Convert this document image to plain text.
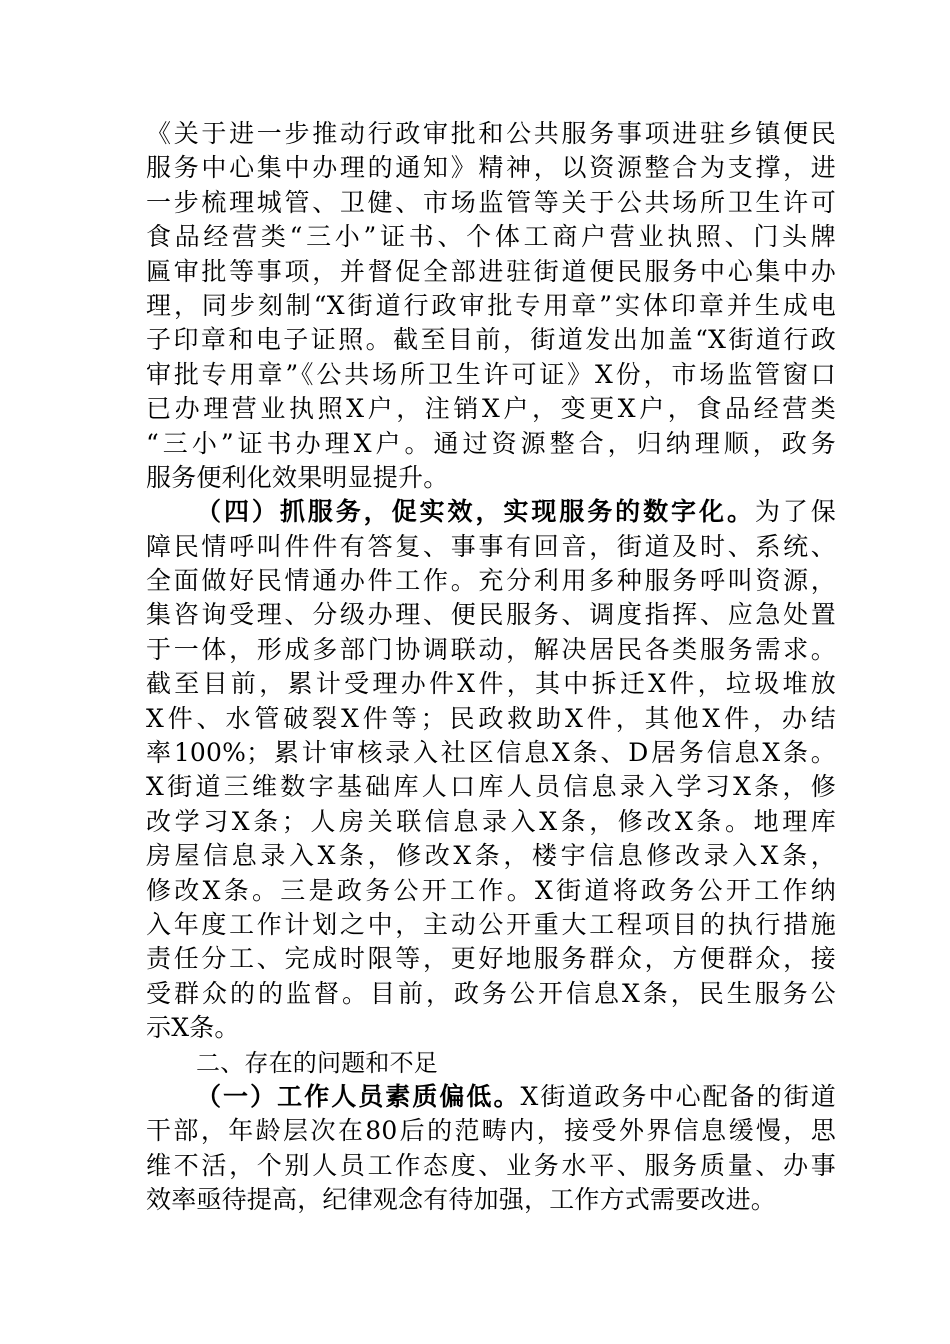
《关于进一步推动行政审批和公共服务事项进驻乡镇便民
服务中心集中办理的通知》精神，以资源整合为支撑，进
一步梳理城管、卫健、市场监管等关于公共场所卫生许可
食品经营类“三小”证书、个体工商户营业执照、门头牌
匾审批等事项，并督促全部进驻街道便民服务中心集中办
理，同步刻制“X街道行政审批专用章”实体印章并生成电
子印章和电子证照。截至目前，街道发出加盖“X街道行政
审批专用章”《公共场所卫生许可证》X份，市场监管窗口
已办理营业执照X户，注销X户，变更X户，食品经营类
“三小”证书办理X户。通过资源整合，归纳理顺，政务
服务便利化效果明显提升。
（四）抓服务，促实效，实现服务的数字化。为了保
障民情呼叫件件有答复、事事有回音，街道及时、系统、
全面做好民情通办件工作。充分利用多种服务呼叫资源，
集咨询受理、分级办理、便民服务、调度指挥、应急处置
于一体，形成多部门协调联动，解决居民各类服务需求。
截至目前，累计受理办件X件，其中拆迁X件，垃圾堆放
X件、水管破裂X件等；民政救助X件，其他X件，办结
率100%；累计审核录入社区信息X条、D居务信息X条。
X街道三维数字基础库人口库人员信息录入学习X条，修
改学习X条；人房关联信息录入X条，修改X条。地理库
房屋信息录入X条，修改X条，楼宇信息修改录入X条，
修改X条。三是政务公开工作。X街道将政务公开工作纳
入年度工作计划之中，主动公开重大工程项目的执行措施
责任分工、完成时限等，更好地服务群众，方便群众，接
受群众的的监督。目前，政务公开信息X条，民生服务公
示X条。
二、存在的问题和不足
（一）工作人员素质偏低。X街道政务中心配备的街道
干部，年龄层次在80后的范畴内，接受外界信息缓慢，思
维不活，个别人员工作态度、业务水平、服务质量、办事
效率亟待提高，纪律观念有待加强，工作方式需要改进。
